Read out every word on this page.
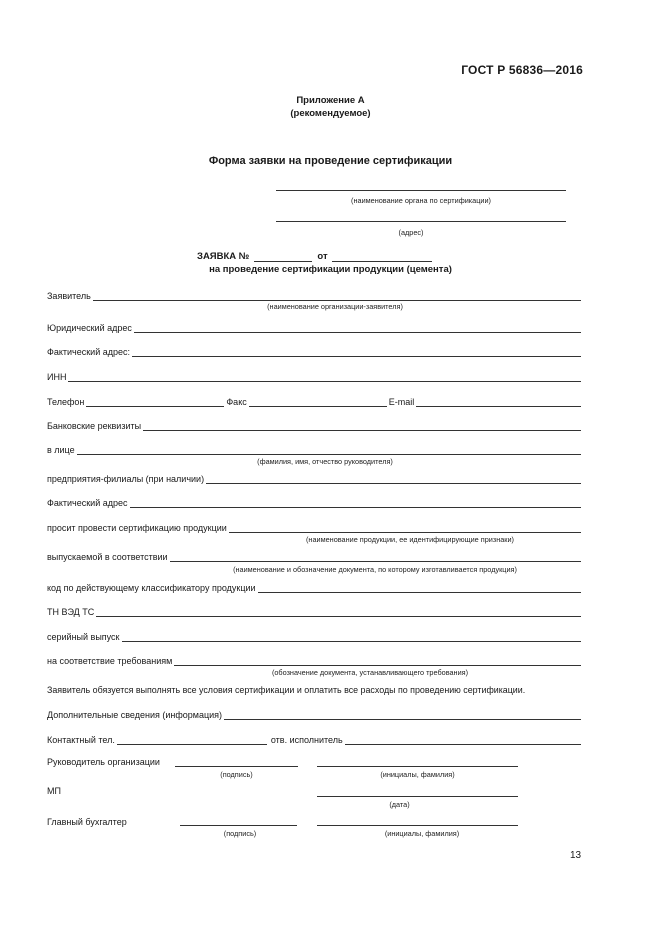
ГОСТ Р 56836—2016
Приложение А
(рекомендуемое)
Форма заявки на проведение сертификации
(наименование органа по сертификации)
(адрес)
ЗАЯВКА №	от
на проведение сертификации продукции (цемента)
Заявитель
(наименование организации-заявителя)
Юридический адрес
Фактический адрес:
ИНН
Телефон	Факс	E-mail
Банковские реквизиты
в лице
(фамилия, имя, отчество руководителя)
предприятия-филиалы (при наличии)
Фактический адрес
просит провести сертификацию продукции
(наименование продукции, ее идентифицирующие признаки)
выпускаемой в соответствии
(наименование и обозначение документа, по которому изготавливается продукция)
код по действующему классификатору продукции
ТН ВЭД ТС
серийный выпуск
на соответствие требованиям
(обозначение документа, устанавливающего требования)
Заявитель обязуется выполнять все условия сертификации и оплатить все расходы по проведению сертификации.
Дополнительные сведения (информация)
Контактный тел.	отв. исполнитель
Руководитель организации
(подпись)	(инициалы, фамилия)
МП
(дата)
Главный бухгалтер
(подпись)	(инициалы, фамилия)
13
